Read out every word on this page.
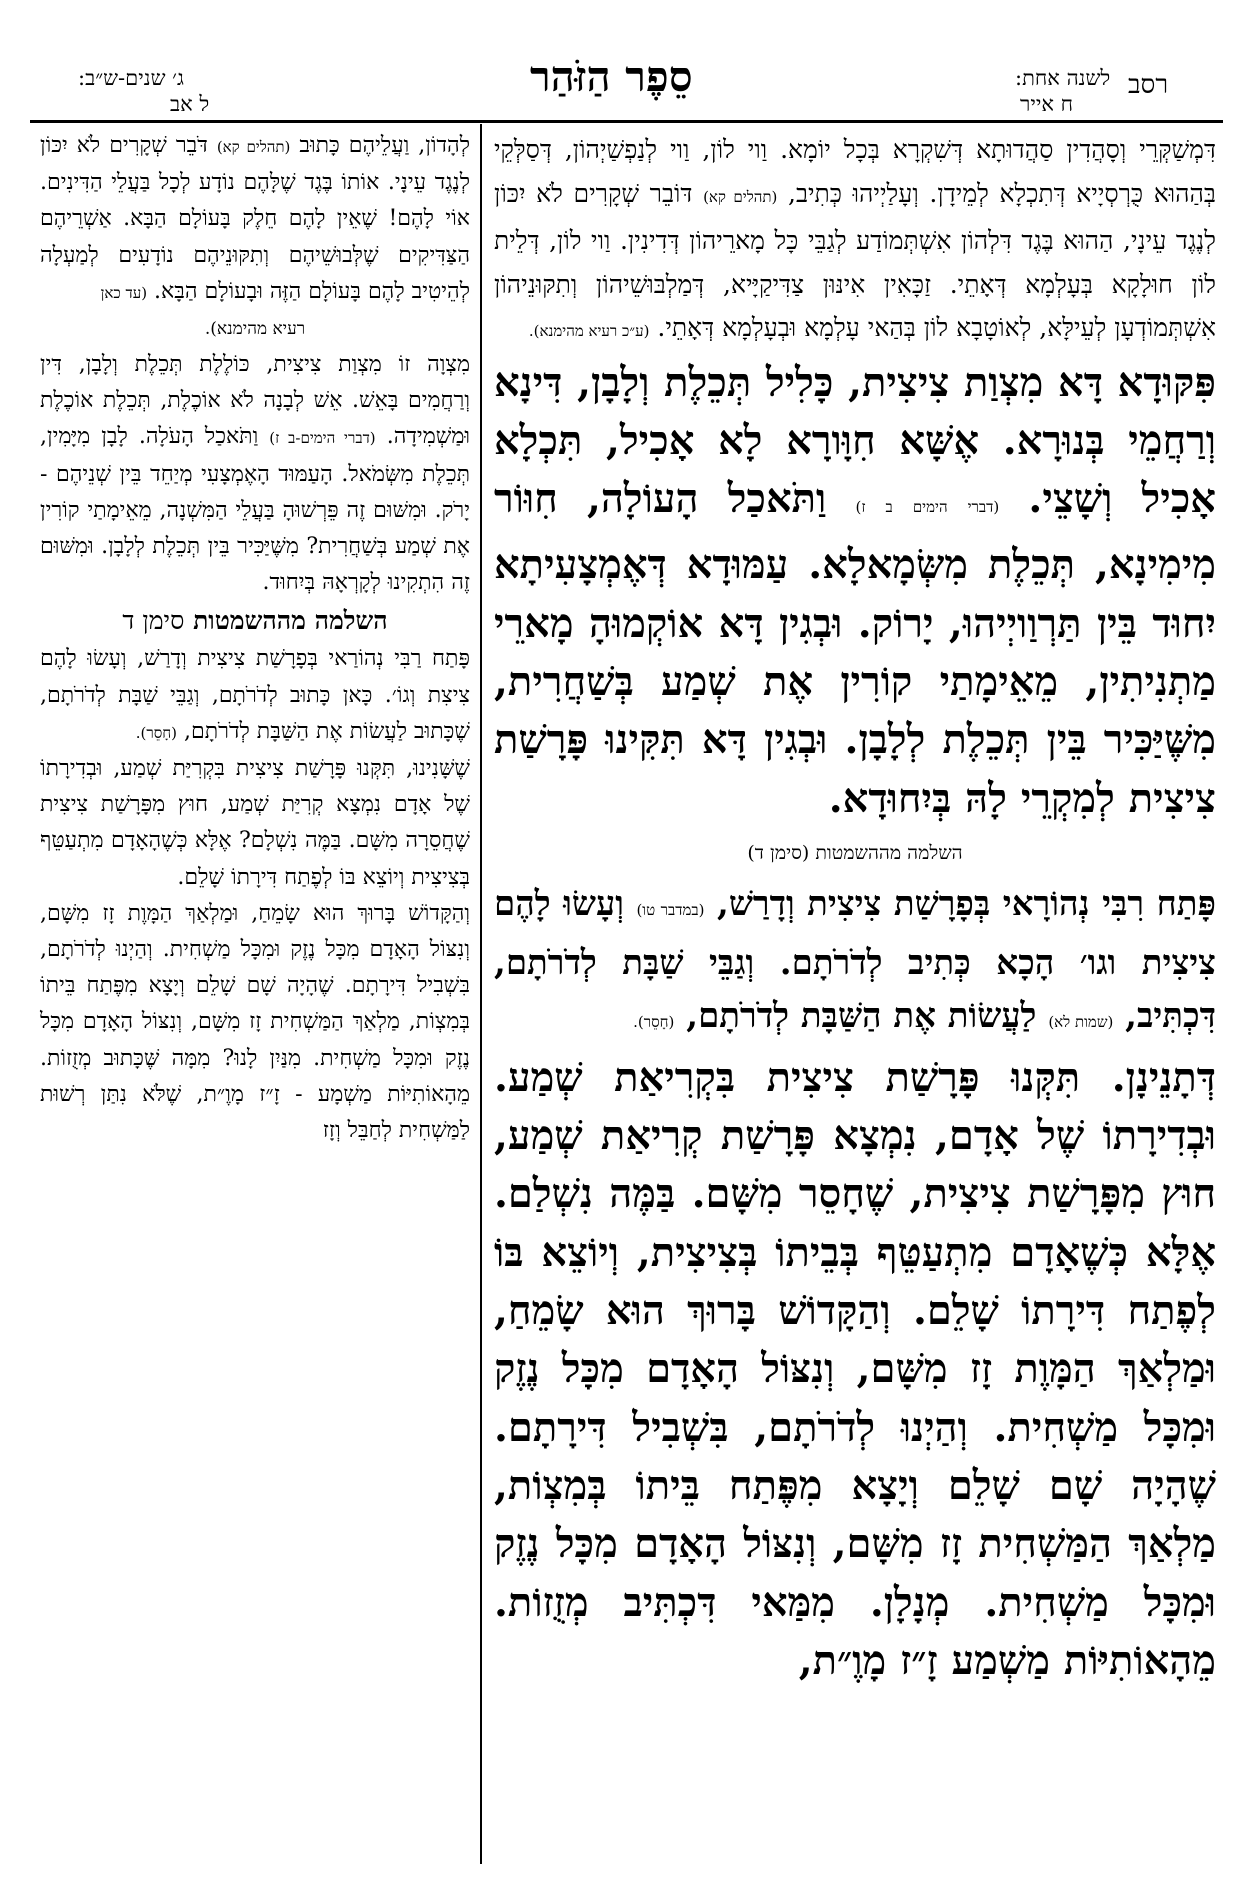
ג׳ שנים-ש״ב:
ל אב
סֵפֶר הַזֹּהַר	לשנה אחת:
ח אייר
רסב

דִּמְשַׁקְּרֵי וְסָהֲדִין סַהֲדוּתָא דְּשִׁקְרָא בְּכָל יוֹמָא. וַוי לוֹן, וַוי לְנַפְשַׁיְהוֹן, דְּסַלְּקֵי בְּהַהוּא כֻּרְסְיָיא דְּתִכְלָא לְמֵידָן. וְעָלַיְיהוּ כְּתִיב, (תהלים קא) דּוֹבֵר שְׁקָרִים לֹא יִכּוֹן לְנֶגֶד עֵינָי, הַהוּא בֶּגֶד דִּלְהוֹן אִשְׁתְּמוֹדַע לְגַבֵּי כָּל מָארֵיהוֹן דְּדִינִין. וַוי לוֹן, דְּלֵית לוֹן חוּלָקָא בְּעָלְמָא דְּאָתֵי. זַכָּאִין אִינּוּן צַדִּיקַיָּיא, דְּמַלְבּוּשֵׁיהוֹן וְתִקּוּנֵיהוֹן אִשְׁתְּמוֹדְעָן לְעֵילָּא, לְאוֹטָבָא לוֹן בְּהַאי עָלְמָא וּבְעָלְמָא דְּאָתֵי. (ע״כ רעיא מהימנא).

פִּקּוּדָא דָּא מִצְוַת צִיצִית, כָּלִיל תְּכֵלֶת וְלָבָן, דִּינָא וְרַחֲמֵי בְּנוּרָא. אֶשָּׁא חִוָּורָא לָא אָכִיל, תִּכְלָא אָכִיל וְשָׁצֵי. (דברי הימים ב ז) וַתֹּאכַל הָעוֹלָה, חִוּוֹר מִימִינָא, תְּכֵלֶת מִשְּׂמָאלָא. עַמּוּדָא דְּאֶמְצָעִיתָא יִחוּד בֵּין תַּרְוַויְיהוּ, יָרוֹק. וּבְגִין דָּא אוֹקְמוּהָ מָארֵי מַתְנִיתִין, מֵאֵימָתַי קוֹרִין אֶת שְׁמַע בְּשַׁחֲרִית, מִשֶּׁיַּכִּיר בֵּין תְּכֵלֶת לְלָבָן. וּבְגִין דָּא תִּקִּינוּ פָּרָשַׁת צִיצִית לְמִקְרֵי לָהּ בְּיִחוּדָא.

השלמה מההשמטות (סימן ד)

פָּתַח רִבִּי נְהוֹרָאי בְּפָרָשַׁת צִיצִית וְדָרַשׁ, (במדבר טו) וְעָשׂוּ לָהֶם צִיצִית וגו׳ הָכָא כְּתִיב לְדֹרֹתָם. וְגַבֵּי שַׁבָּת לְדֹרֹתָם, דִּכְתִּיב, (שמות לא) לַעֲשׂוֹת אֶת הַשַּׁבָּת לְדֹרֹתָם, (חָסֵר).

דְּתָנֵינָן. תִּקְּנוּ פָּרָשַׁת צִיצִית בִּקְרִיאַת שְׁמַע. וּבְדִירָתוֹ שֶׁל אָדָם, נִמְצָא פָּרָשַׁת קְרִיאַת שְׁמַע, חוּץ מִפָּרָשַׁת צִיצִית, שֶׁחָסֵר מִשָּׁם. בַּמֶּה נִשְׁלַם. אֶלָּא כְּשֶׁאָדָם מִתְעַטֵּף בְּבֵיתוֹ בְּצִיצִית, וְיוֹצֵא בּוֹ לְפֶתַח דִּירָתוֹ שָׁלֵם. וְהַקָּדוֹשׁ בָּרוּךְ הוּא שָׂמֵחַ, וּמַלְאַךְ הַמָּוֶת זָז מִשָּׁם, וְנִצּוֹל הָאָדָם מִכָּל נֶזֶק וּמִכָּל מַשְׁחִית. וְהַיְנוּ לְדֹרֹתָם, בִּשְׁבִיל דִּירָתָם. שֶׁהָיָה שָׁם שָׁלֵם וְיָצָא מִפֶּתַח בֵּיתוֹ בְּמִצְוֹת, מַלְאַךְ הַמַּשְׁחִית זָז מִשָּׁם, וְנִצּוֹל הָאָדָם מִכָּל נֶזֶק וּמִכָּל מַשְׁחִית. מְנָלָן. מִמַּאי דִּכְתִּיב מְזֻזוֹת. מֵהָאוֹתִיּוֹת מַשְׁמַע זָ״ז מָוֶ״ת,

לְהָדוֹן, וַעֲלֵיהֶם כָּתוּב (תהלים קא) דֹּבֵר שְׁקָרִים לֹא יִכּוֹן לְנֶגֶד עֵינָי. אוֹתוֹ בֶּגֶד שֶׁלָּהֶם נוֹדָע לְכָל בַּעֲלֵי הַדִּינִים. אוֹי לָהֶם! שֶׁאֵין לָהֶם חֵלֶק בָּעוֹלָם הַבָּא. אַשְׁרֵיהֶם הַצַּדִּיקִים שֶׁלְּבוּשֵׁיהֶם וְתִקּוּנֵיהֶם נוֹדָעִים לְמַעְלָה לְהֵיטִיב לָהֶם בָּעוֹלָם הַזֶּה וּבָעוֹלָם הַבָּא. (עד כאן

רעיא מהימנא).

מִצְוָה זוֹ מִצְוַת צִיצִית, כּוֹלֶלֶת תְּכֵלֶת וְלָבָן, דִּין וְרַחֲמִים בָּאֵשׁ. אֵשׁ לְבָנָה לֹא אוֹכֶלֶת, תְּכֵלֶת אוֹכֶלֶת וּמַשְׁמִידָה. (דברי הימים-ב ז) וַתֹּאכַל הָעֹלָה. לָבָן מִיָּמִין, תְּכֵלֶת מִשְּׂמֹאל. הָעַמּוּד הָאֶמְצָעִי מְיַחֵד בֵּין שְׁנֵיהֶם - יָרֹק. וּמִשּׁוּם זֶה פֵּרְשׁוּהָ בַּעֲלֵי הַמִּשְׁנָה, מֵאֵימָתַי קוֹרִין אֶת שְׁמַע בְּשַׁחֲרִית? מִשֶּׁיַּכִּיר בֵּין תְּכֵלֶת לְלָבָן. וּמִשּׁוּם זֶה הִתְקִינוּ לְקָרְאָהּ בְּיִחוּד.

השלמה מההשמטות סימן ד

פָּתַח רַבִּי נְהוֹרַאי בְּפָרָשַׁת צִיצִית וְדָרַשׁ, וְעָשׂוּ לָהֶם צִיצִת וְגוֹ׳. כָּאן כָּתוּב לְדֹרֹתָם, וְגַבֵּי שַׁבָּת לְדֹרֹתָם, שֶׁכָּתוּב לַעֲשׂוֹת אֶת הַשַּׁבָּת לְדֹרֹתָם, (חָסֵר).

שֶׁשָּׁנִינוּ, תִּקְּנוּ פָּרָשַׁת צִיצִית בִּקְרִיַּת שְׁמַע, וּבְדִירָתוֹ שֶׁל אָדָם נִמְצָא קְרִיַּת שְׁמַע, חוּץ מִפָּרָשַׁת צִיצִית שֶׁחֲסֵרָה מִשָּׁם. בַּמֶּה נִשְׁלָם? אֶלָּא כְּשֶׁהָאָדָם מִתְעַטֵּף בְּצִיצִית וְיוֹצֵא בּוֹ לְפֶתַח דִּירָתוֹ שָׁלֵם.

וְהַקָּדוֹשׁ בָּרוּךְ הוּא שָׂמֵחַ, וּמַלְאַךְ הַמָּוֶת זָז מִשָּׁם, וְנִצּוֹל הָאָדָם מִכָּל נֶזֶק וּמִכָּל מַשְׁחִית. וְהַיְנוּ לְדֹרֹתָם, בִּשְׁבִיל דִּירָתָם. שֶׁהָיָה שָׁם שָׁלֵם וְיָצָא מִפֶּתַח בֵּיתוֹ בְּמִצְוֹת, מַלְאַךְ הַמַּשְׁחִית זָז מִשָּׁם, וְנִצּוֹל הָאָדָם מִכָּל נֶזֶק וּמִכָּל מַשְׁחִית. מִנַּיִן לָנוּ? מִמָּה שֶּׁכָּתוּב מְזֻזוֹת. מֵהָאוֹתִיּוֹת מַשְׁמָע - זָ״ז מָוֶ״ת, שֶׁלֹּא נִתַּן רְשׁוּת לַמַּשְׁחִית לְחַבֵּל וְזָז
